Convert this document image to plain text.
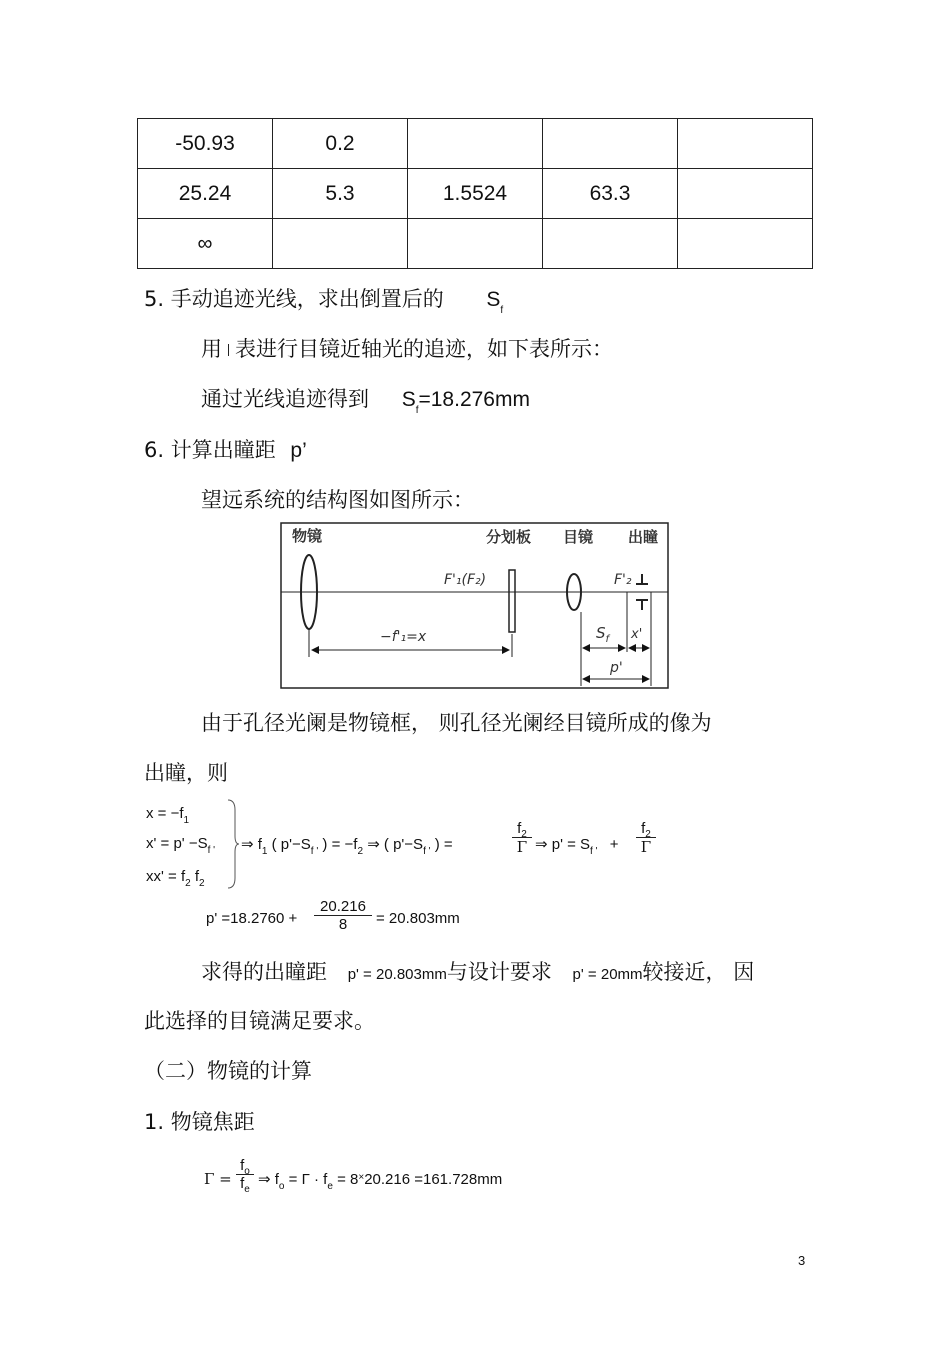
-50.93	0.2			
25.24	5.3	1.5524	63.3	
∞				
5. 手动追迹光线，求出倒置后的 $S_f$
用 表进行目镜近轴光的追迹，如下表所示：
通过光线追迹得到 $S_f=18.276mm$
6. 计算出瞳距 p’
望远系统的结构图如图所示：
物镜	分划板 目镜 出瞳
F'₁(F₂)	F'₂
−f'₁=x	$S_f$ x'
p'
由于孔径光阑是物镜框， 则孔径光阑经目镜所成的像为
出瞳，则
$x = -f_1$
$x' = p' -S_{f '}$
$xx' = f_2$ $f_2$
⇒ $f_1$ ( $p'-S_{f '}$ ) = $-f_2$ ⇒ ( $p'-S_{f '}$ ) =	$\frac{f_2}{\Gamma}$ ⇒ $p' = S_{f '} + \frac{f_2}{\Gamma}$
$p' =18.2760 + \frac{20.216}{8} = 20.803mm$
求得的出瞳距 p' = 20.803mm与设计要求 p' = 20mm较接近， 因
此选择的目镜满足要求。
（二）物镜的计算
1. 物镜焦距
$\Gamma = \frac{f_o}{f_e}$ ⇒ $f_o = \Gamma \cdot f_e = 8^\times 20.216 =161.728mm$
3
